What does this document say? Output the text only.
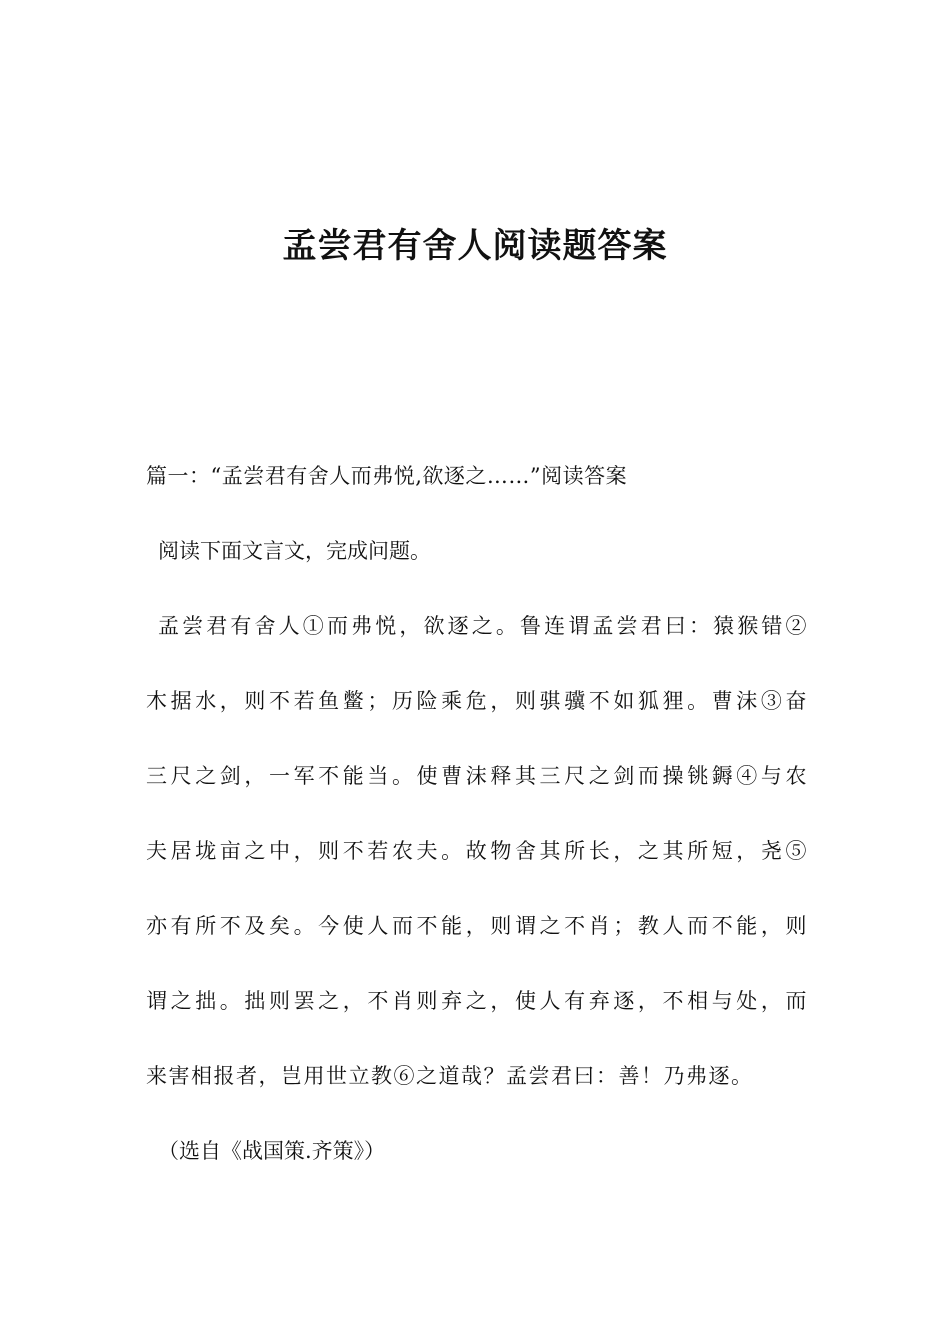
孟尝君有舍人阅读题答案
篇一：“孟尝君有舍人而弗悦,欲逐之……”阅读答案
阅读下面文言文，完成问题。
孟尝君有舍人①而弗悦，欲逐之。鲁连谓孟尝君曰：猿猴错②
木据水，则不若鱼鳖；历险乘危，则骐骥不如狐狸。曹沫③奋
三尺之剑，一军不能当。使曹沫释其三尺之剑而操铫鎒④与农
夫居垅亩之中，则不若农夫。故物舍其所长，之其所短，尧⑤
亦有所不及矣。今使人而不能，则谓之不肖；教人而不能，则
谓之拙。拙则罢之，不肖则弃之，使人有弃逐，不相与处，而
来害相报者，岂用世立教⑥之道哉？孟尝君曰：善！乃弗逐。
（选自《战国策.齐策》）
